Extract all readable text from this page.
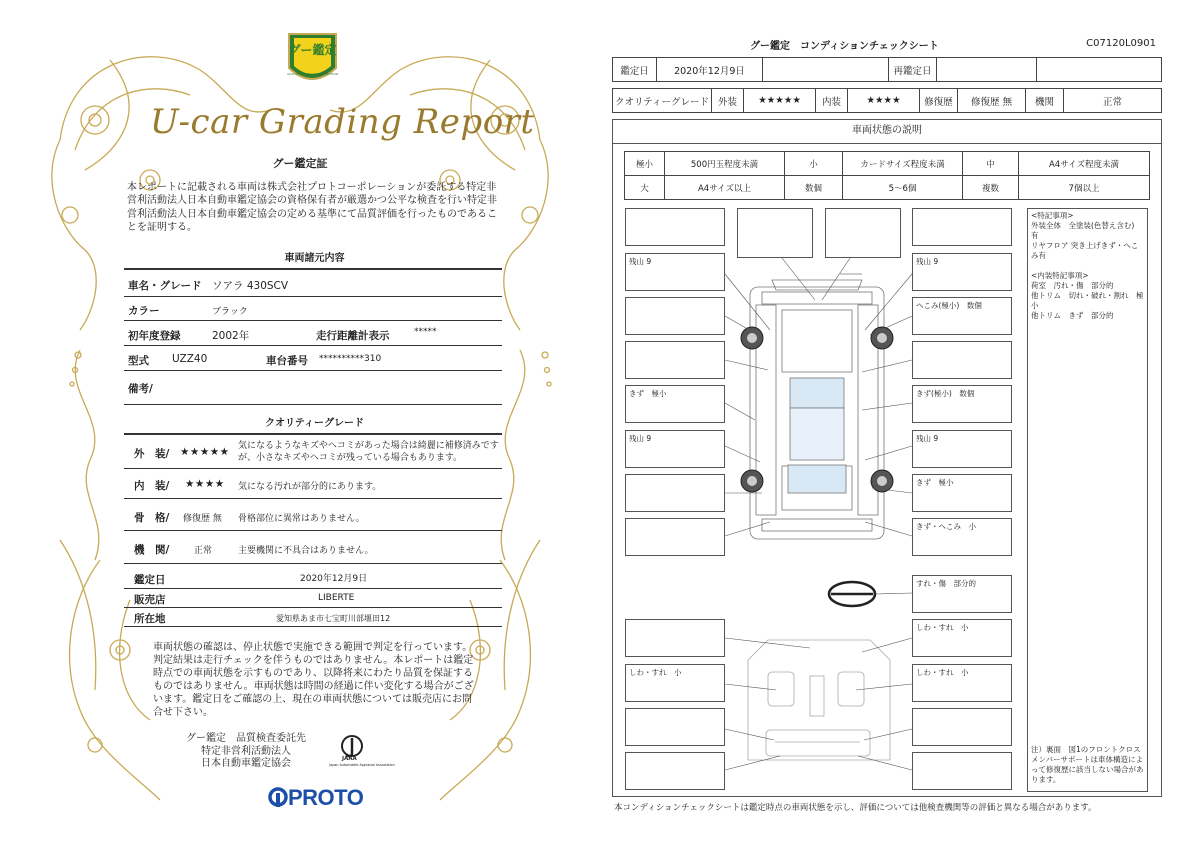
グー鑑定
GOO-NET EXCHANGE INSPECTION
U-car Grading Report
グー鑑定証
本レポートに記載される車両は株式会社プロトコーポレーションが委託する特定非営利活動法人日本自動車鑑定協会の資格保有者が厳選かつ公平な検査を行い特定非営利活動法人日本自動車鑑定協会の定める基準にて品質評価を行ったものであることを証明する。
車両諸元内容
車名・グレード ソアラ 430SCV
カラー	ブラック
初年度登録	2002年	走行距離計表示	*****
型式 UZZ40	車台番号 **********310
備考/
クオリティーグレード
外　装/ ★★★★★ 気になるようなキズやヘコミがあった場合は綺麗に補修済みですが、小さなキズやヘコミが残っている場合もあります。
内　装/ ★★★★ 気になる汚れが部分的にあります。
骨　格/ 修復歴 無 骨格部位に異常はありません。
機　関/	正常	主要機関に不具合はありません。
鑑定日	2020年12月9日
販売店	LIBERTE
所在地	愛知県あま市七宝町川部堰田12
車両状態の確認は、停止状態で実施できる範囲で判定を行っています。判定結果は走行チェックを伴うものではありません。本レポートは鑑定時点での車両状態を示すものであり、以降将来にわたり品質を保証するものではありません。車両状態は時間の経過に伴い変化する場合がございます。鑑定日をご確認の上、現在の車両状態については販売店にお問合せ下さい。
グー鑑定　品質検査委託先
特定非営利活動法人
日本自動車鑑定協会	JAAA
Japan Automobile Appraisal Association
PROTO
グー鑑定　コンディションチェックシート	C07120L0901
鑑定日	2020年12月9日		再鑑定日		
クオリティーグレード	外装	★★★★★	内装	★★★★	修復歴	修復歴 無	機関	正常
車両状態の説明
極小	500円玉程度未満	小	カードサイズ程度未満	中	A4サイズ程度未満
大	A4サイズ以上	数個	5～6個	複数	7個以上
残山 9
きず　極小
残山 9
しわ・すれ　小
残山 9
へこみ(極小)　数個
きず(極小)　数個
残山 9
きず　極小
きず・へこみ　小
すれ・傷　部分的
しわ・すれ　小
しわ・すれ　小
<特記事項>
外装全体　全塗装(色替え含む)
有
リヤフロア 突き上げきず・へこみ有
<内装特記事項>
荷室　汚れ・傷　部分的
他トリム　切れ・破れ・割れ　極小
他トリム　きず　部分的
注）裏面　図1のフロントクロスメンバーサポートは車体構造によって修復歴に該当しない場合があります。
本コンディションチェックシートは鑑定時点の車両状態を示し、評価については他検査機関等の評価と異なる場合があります。
